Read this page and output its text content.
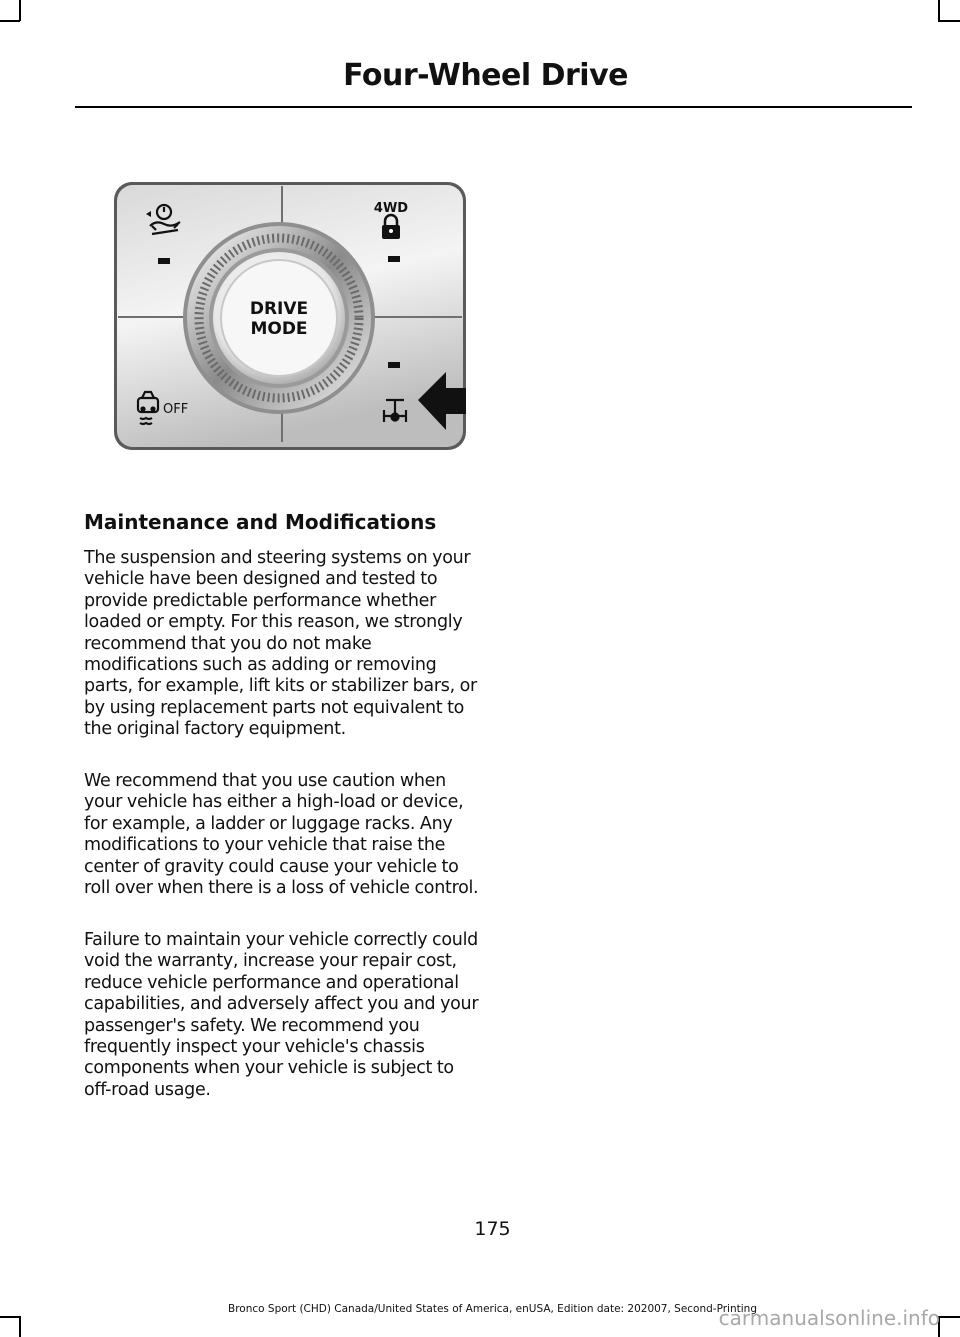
Four-Wheel Drive
DRIVE
MODE
4WD
OFF
Maintenance and Modifications

The suspension and steering systems on your vehicle have been designed and tested to provide predictable performance whether loaded or empty. For this reason, we strongly recommend that you do not make modifications such as adding or removing parts, for example, lift kits or stabilizer bars, or by using replacement parts not equivalent to the original factory equipment.

We recommend that you use caution when your vehicle has either a high-load or device, for example, a ladder or luggage racks. Any modifications to your vehicle that raise the center of gravity could cause your vehicle to roll over when there is a loss of vehicle control.

Failure to maintain your vehicle correctly could void the warranty, increase your repair cost, reduce vehicle performance and operational capabilities, and adversely affect you and your passenger's safety. We recommend you frequently inspect your vehicle's chassis components when your vehicle is subject to off-road usage.

175
Bronco Sport (CHD) Canada/United States of America, enUSA, Edition date: 202007, Second-Printing
carmanualsonline.info
